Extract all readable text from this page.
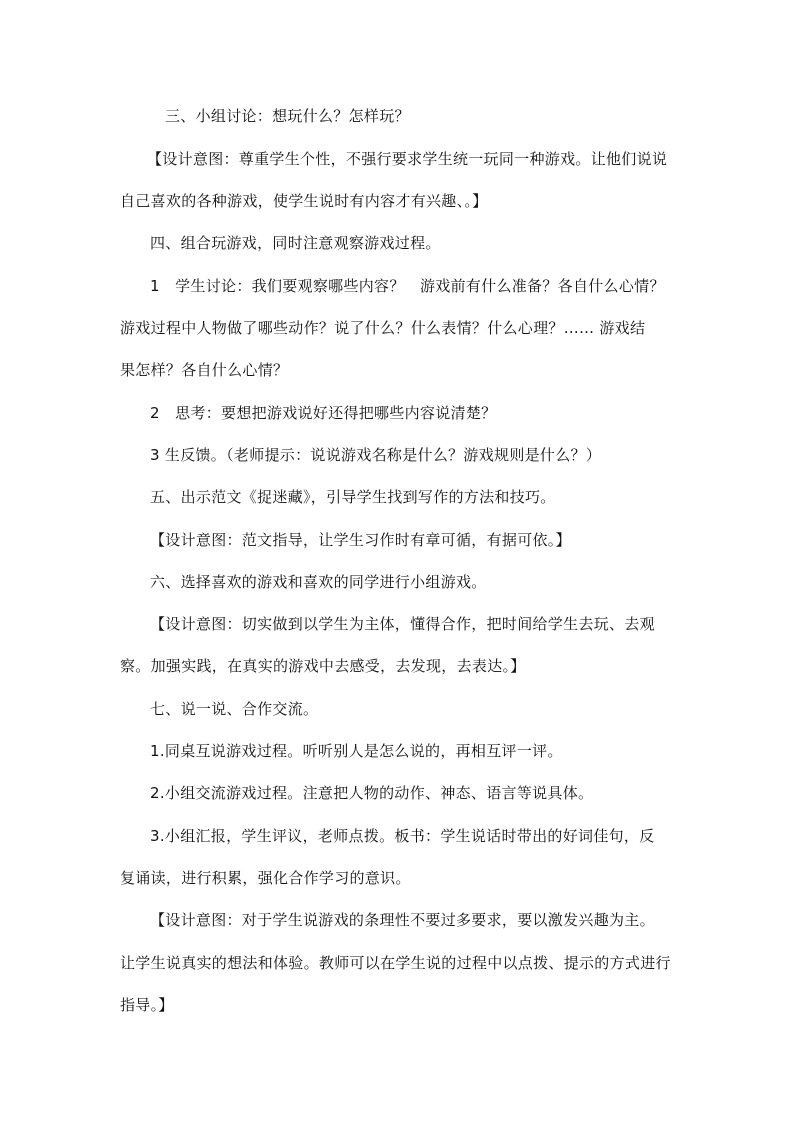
三、小组讨论：想玩什么？怎样玩？
【设计意图：尊重学生个性，不强行要求学生统一玩同一种游戏。让他们说说
自己喜欢的各种游戏，使学生说时有内容才有兴趣、。】
四、组合玩游戏，同时注意观察游戏过程。
1　学生讨论：我们要观察哪些内容？　游戏前有什么准备？各自什么心情？
游戏过程中人物做了哪些动作？说了什么？什么表情？什么心理？…… 游戏结
果怎样？各自什么心情？
2　思考：要想把游戏说好还得把哪些内容说清楚？
3 生反馈。（老师提示：说说游戏名称是什么？游戏规则是什么？）
五、出示范文《捉迷藏》，引导学生找到写作的方法和技巧。
【设计意图：范文指导，让学生习作时有章可循，有据可依。】
六、选择喜欢的游戏和喜欢的同学进行小组游戏。
【设计意图：切实做到以学生为主体，懂得合作，把时间给学生去玩、去观
察。加强实践，在真实的游戏中去感受，去发现，去表达。】
七、说一说、合作交流。
1.同桌互说游戏过程。听听别人是怎么说的，再相互评一评。
2.小组交流游戏过程。注意把人物的动作、神态、语言等说具体。
3.小组汇报，学生评议，老师点拨。板书：学生说话时带出的好词佳句，反
复诵读，进行积累，强化合作学习的意识。
【设计意图：对于学生说游戏的条理性不要过多要求，要以激发兴趣为主。
让学生说真实的想法和体验。教师可以在学生说的过程中以点拨、提示的方式进行
指导。】
